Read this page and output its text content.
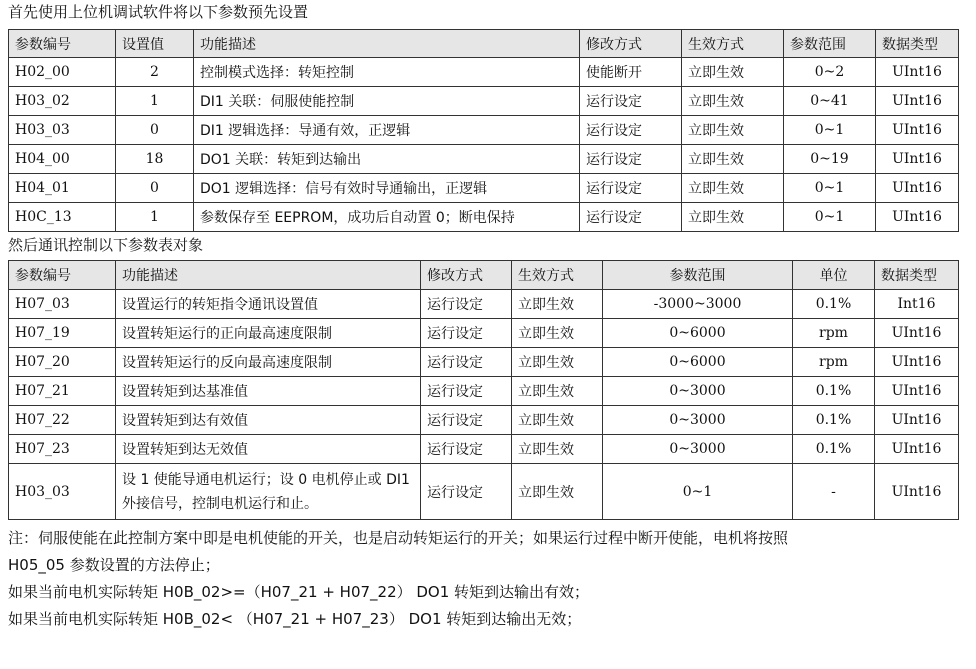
首先使用上位机调试软件将以下参数预先设置
参数编号	设置值	功能描述	修改方式	生效方式	参数范围	数据类型
H02_00	2	控制模式选择：转矩控制	使能断开	立即生效	0~2	UInt16
H03_02	1	DI1 关联：伺服使能控制	运行设定	立即生效	0~41	UInt16
H03_03	0	DI1 逻辑选择：导通有效，正逻辑	运行设定	立即生效	0~1	UInt16
H04_00	18	DO1 关联：转矩到达输出	运行设定	立即生效	0~19	UInt16
H04_01	0	DO1 逻辑选择：信号有效时导通输出，正逻辑	运行设定	立即生效	0~1	UInt16
H0C_13	1	参数保存至 EEPROM，成功后自动置 0；断电保持	运行设定	立即生效	0~1	UInt16
然后通讯控制以下参数表对象
参数编号	功能描述	修改方式	生效方式	参数范围	单位	数据类型
H07_03	设置运行的转矩指令通讯设置值	运行设定	立即生效	-3000~3000	0.1%	Int16
H07_19	设置转矩运行的正向最高速度限制	运行设定	立即生效	0~6000	rpm	UInt16
H07_20	设置转矩运行的反向最高速度限制	运行设定	立即生效	0~6000	rpm	UInt16
H07_21	设置转矩到达基准值	运行设定	立即生效	0~3000	0.1%	UInt16
H07_22	设置转矩到达有效值	运行设定	立即生效	0~3000	0.1%	UInt16
H07_23	设置转矩到达无效值	运行设定	立即生效	0~3000	0.1%	UInt16
H03_03	设 1 使能导通电机运行；设 0 电机停止或 DI1 外接信号，控制电机运行和止。	运行设定	立即生效	0~1	-	UInt16
注：伺服使能在此控制方案中即是电机使能的开关，也是启动转矩运行的开关；如果运行过程中断开使能，电机将按照
H05_05 参数设置的方法停止；
如果当前电机实际转矩 H0B_02>=（H07_21 + H07_22） DO1 转矩到达输出有效；
如果当前电机实际转矩 H0B_02< （H07_21 + H07_23） DO1 转矩到达输出无效；
